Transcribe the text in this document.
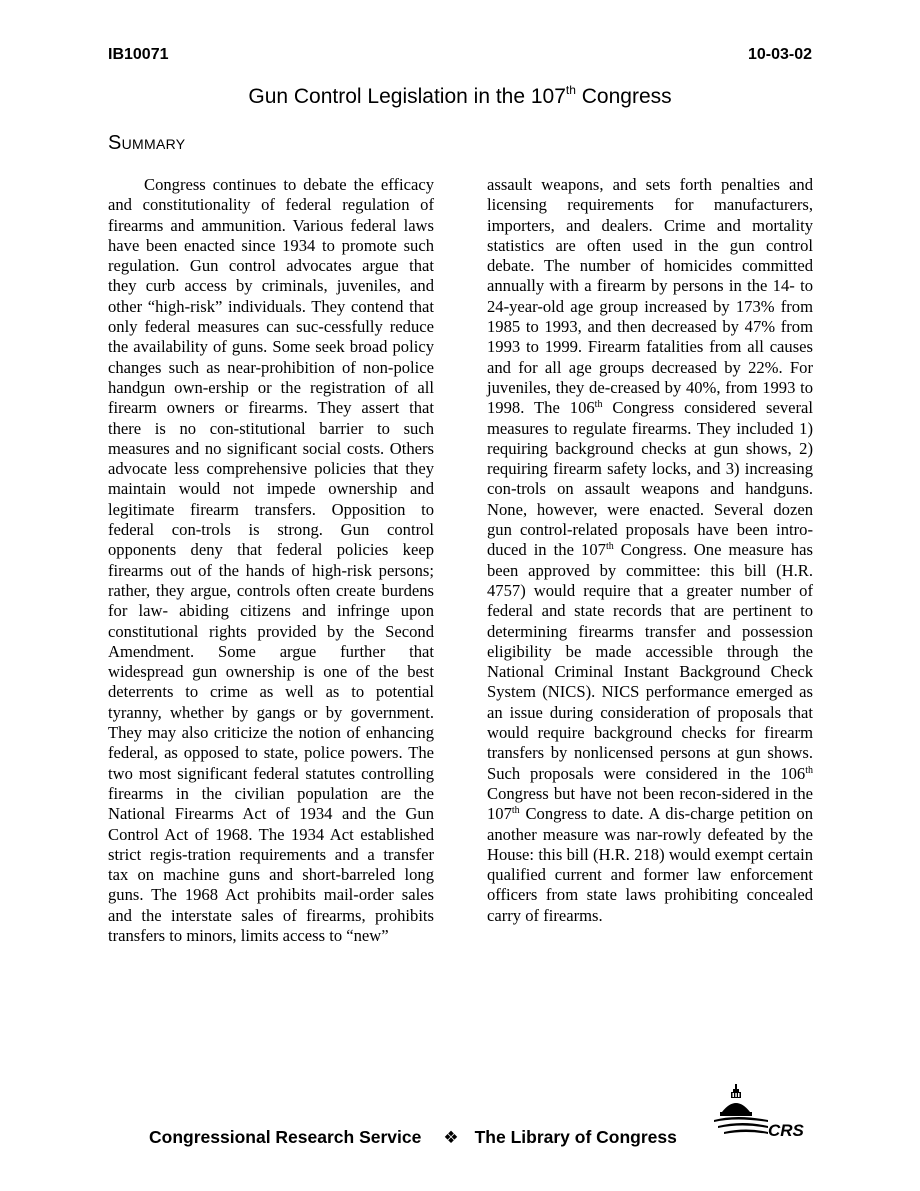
IB10071	10-03-02
Gun Control Legislation in the 107th Congress
Summary

Congress continues to debate the efficacy and constitutionality of federal regulation of firearms and ammunition. Various federal laws have been enacted since 1934 to promote such regulation. Gun control advocates argue that they curb access by criminals, juveniles, and other “high-risk” individuals. They contend that only federal measures can suc-cessfully reduce the availability of guns. Some seek broad policy changes such as near-prohibition of non-police handgun own-ership or the registration of all firearm owners or firearms. They assert that there is no con-stitutional barrier to such measures and no significant social costs. Others advocate less comprehensive policies that they maintain would not impede ownership and legitimate firearm transfers. Opposition to federal con-trols is strong. Gun control opponents deny that federal policies keep firearms out of the hands of high-risk persons; rather, they argue, controls often create burdens for law- abiding citizens and infringe upon constitutional rights provided by the Second Amendment. Some argue further that widespread gun ownership is one of the best deterrents to crime as well as to potential tyranny, whether by gangs or by government. They may also criticize the notion of enhancing federal, as opposed to state, police powers. The two most significant federal statutes controlling firearms in the civilian population are the National Firearms Act of 1934 and the Gun Control Act of 1968. The 1934 Act established strict regis-tration requirements and a transfer tax on machine guns and short-barreled long guns. The 1968 Act prohibits mail-order sales and the interstate sales of firearms, prohibits transfers to minors, limits access to “new”

assault weapons, and sets forth penalties and licensing requirements for manufacturers, importers, and dealers. Crime and mortality statistics are often used in the gun control debate. The number of homicides committed annually with a firearm by persons in the 14- to 24-year-old age group increased by 173% from 1985 to 1993, and then decreased by 47% from 1993 to 1999. Firearm fatalities from all causes and for all age groups decreased by 22%. For juveniles, they de-creased by 40%, from 1993 to 1998. The 106th Congress considered several measures to regulate firearms. They included 1) requiring background checks at gun shows, 2) requiring firearm safety locks, and 3) increasing con-trols on assault weapons and handguns. None, however, were enacted. Several dozen gun control-related proposals have been intro-duced in the 107th Congress. One measure has been approved by committee: this bill (H.R. 4757) would require that a greater number of federal and state records that are pertinent to determining firearms transfer and possession eligibility be made accessible through the National Criminal Instant Background Check System (NICS). NICS performance emerged as an issue during consideration of proposals that would require background checks for firearm transfers by nonlicensed persons at gun shows. Such proposals were considered in the 106th Congress but have not been recon-sidered in the 107th Congress to date. A dis-charge petition on another measure was nar-rowly defeated by the House: this bill (H.R. 218) would exempt certain qualified current and former law enforcement officers from state laws prohibiting concealed carry of firearms.

Congressional Research Service ❖ The Library of Congress	CRS
